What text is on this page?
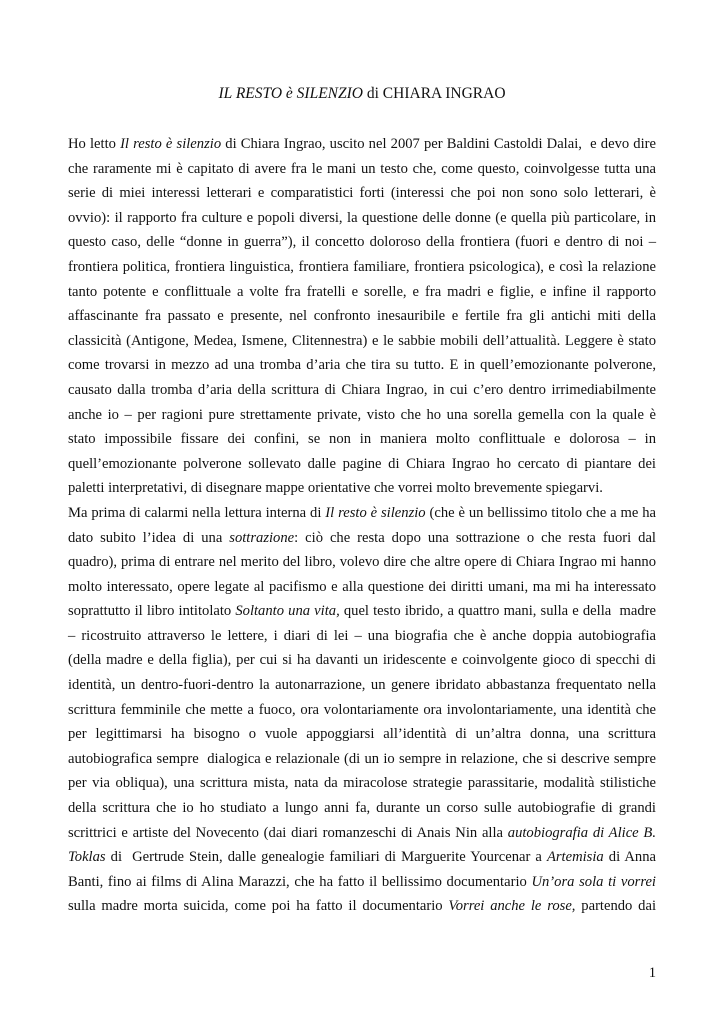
IL RESTO è SILENZIO di CHIARA INGRAO
Ho letto Il resto è silenzio di Chiara Ingrao, uscito nel 2007 per Baldini Castoldi Dalai,  e devo dire
che raramente mi è capitato di avere fra le mani un testo che, come questo, coinvolgesse tutta una
serie di miei interessi letterari e comparatistici forti (interessi che poi non sono solo letterari, è
ovvio): il rapporto fra culture e popoli diversi, la questione delle donne (e quella più particolare, in
questo caso, delle “donne in guerra”), il concetto doloroso della frontiera (fuori e dentro di noi –
frontiera politica, frontiera linguistica, frontiera familiare, frontiera psicologica), e così la relazione
tanto potente e conflittuale a volte fra fratelli e sorelle, e fra madri e figlie, e infine il rapporto
affascinante fra passato e presente, nel confronto inesauribile e fertile fra gli antichi miti della
classicità (Antigone, Medea, Ismene, Clitennestra) e le sabbie mobili dell’attualità. Leggere è stato
come trovarsi in mezzo ad una tromba d’aria che tira su tutto. E in quell’emozionante polverone,
causato dalla tromba d’aria della scrittura di Chiara Ingrao, in cui c’ero dentro irrimediabilmente
anche io – per ragioni pure strettamente private, visto che ho una sorella gemella con la quale è
stato impossibile fissare dei confini, se non in maniera molto conflittuale e dolorosa – in
quell’emozionante polverone sollevato dalle pagine di Chiara Ingrao ho cercato di piantare dei
paletti interpretativi, di disegnare mappe orientative che vorrei molto brevemente spiegarvi.
Ma prima di calarmi nella lettura interna di Il resto è silenzio (che è un bellissimo titolo che a me ha
dato subito l’idea di una sottrazione: ciò che resta dopo una sottrazione o che resta fuori dal
quadro), prima di entrare nel merito del libro, volevo dire che altre opere di Chiara Ingrao mi hanno
molto interessato, opere legate al pacifismo e alla questione dei diritti umani, ma mi ha interessato
soprattutto il libro intitolato Soltanto una vita, quel testo ibrido, a quattro mani, sulla e della  madre
– ricostruito attraverso le lettere, i diari di lei – una biografia che è anche doppia autobiografia
(della madre e della figlia), per cui si ha davanti un iridescente e coinvolgente gioco di specchi di
identità, un dentro-fuori-dentro la autonarrazione, un genere ibridato abbastanza frequentato nella
scrittura femminile che mette a fuoco, ora volontariamente ora involontariamente, una identità che
per legittimarsi ha bisogno o vuole appoggiarsi all’identità di un’altra donna, una scrittura
autobiografica sempre  dialogica e relazionale (di un io sempre in relazione, che si descrive sempre
per via obliqua), una scrittura mista, nata da miracolose strategie parassitarie, modalità stilistiche
della scrittura che io ho studiato a lungo anni fa, durante un corso sulle autobiografie di grandi
scrittrici e artiste del Novecento (dai diari romanzeschi di Anais Nin alla autobiografia di Alice B.
Toklas di  Gertrude Stein, dalle genealogie familiari di Marguerite Yourcenar a Artemisia di Anna
Banti, fino ai films di Alina Marazzi, che ha fatto il bellissimo documentario Un’ora sola ti vorrei
sulla madre morta suicida, come poi ha fatto il documentario Vorrei anche le rose, partendo dai
1
